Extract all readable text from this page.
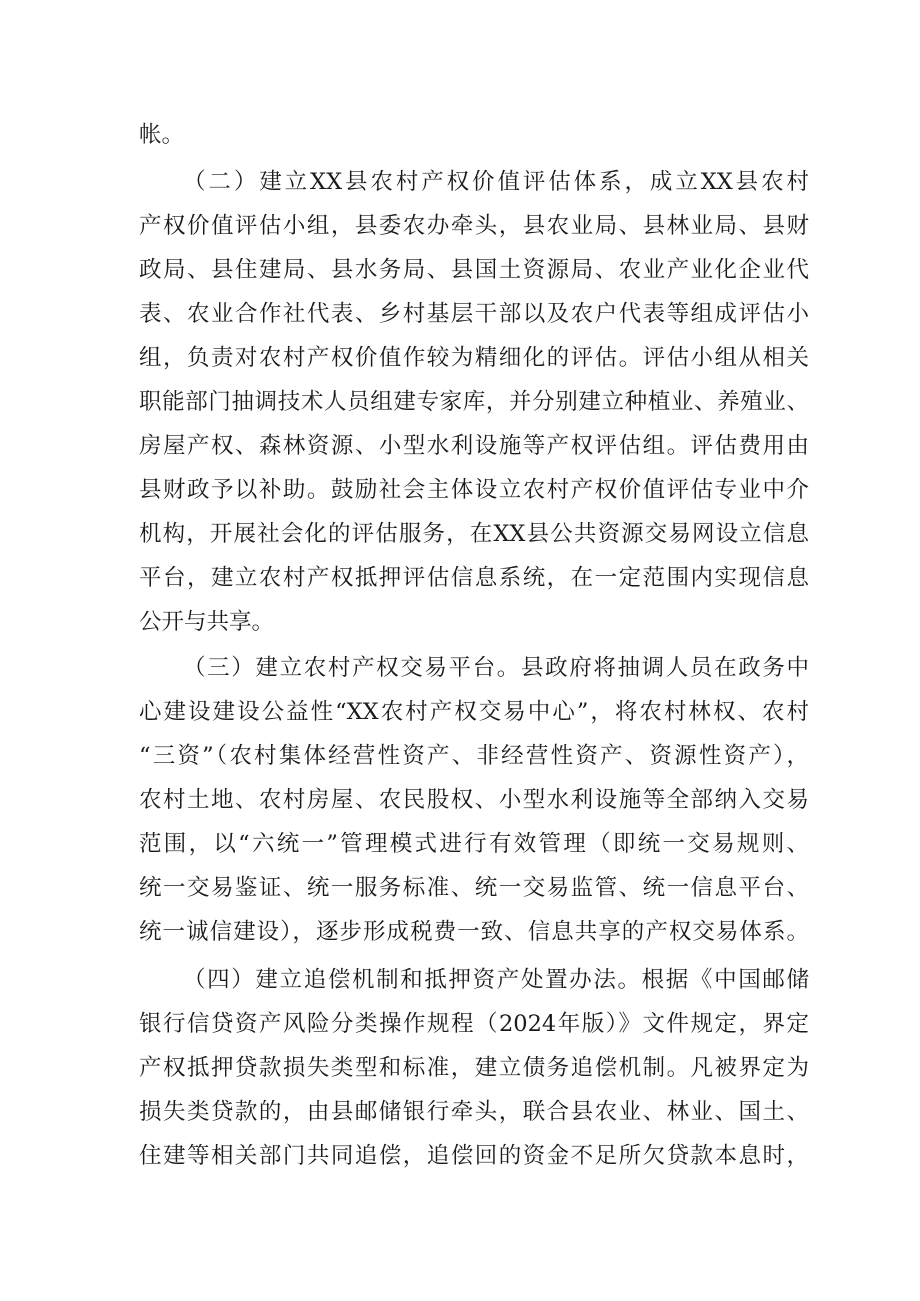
帐。
（二）建立XX县农村产权价值评估体系，成立XX县农村
产权价值评估小组，县委农办牵头，县农业局、县林业局、县财
政局、县住建局、县水务局、县国土资源局、农业产业化企业代
表、农业合作社代表、乡村基层干部以及农户代表等组成评估小
组，负责对农村产权价值作较为精细化的评估。评估小组从相关
职能部门抽调技术人员组建专家库，并分别建立种植业、养殖业、
房屋产权、森林资源、小型水利设施等产权评估组。评估费用由
县财政予以补助。鼓励社会主体设立农村产权价值评估专业中介
机构，开展社会化的评估服务，在XX县公共资源交易网设立信息
平台，建立农村产权抵押评估信息系统，在一定范围内实现信息
公开与共享。
（三）建立农村产权交易平台。县政府将抽调人员在政务中
心建设建设公益性“XX农村产权交易中心”，将农村林权、农村
“三资”（农村集体经营性资产、非经营性资产、资源性资产），
农村土地、农村房屋、农民股权、小型水利设施等全部纳入交易
范围，以“六统一”管理模式进行有效管理（即统一交易规则、
统一交易鉴证、统一服务标准、统一交易监管、统一信息平台、
统一诚信建设），逐步形成税费一致、信息共享的产权交易体系。
（四）建立追偿机制和抵押资产处置办法。根据《中国邮储
银行信贷资产风险分类操作规程（2024年版）》文件规定，界定
产权抵押贷款损失类型和标准，建立债务追偿机制。凡被界定为
损失类贷款的，由县邮储银行牵头，联合县农业、林业、国土、
住建等相关部门共同追偿，追偿回的资金不足所欠贷款本息时，
